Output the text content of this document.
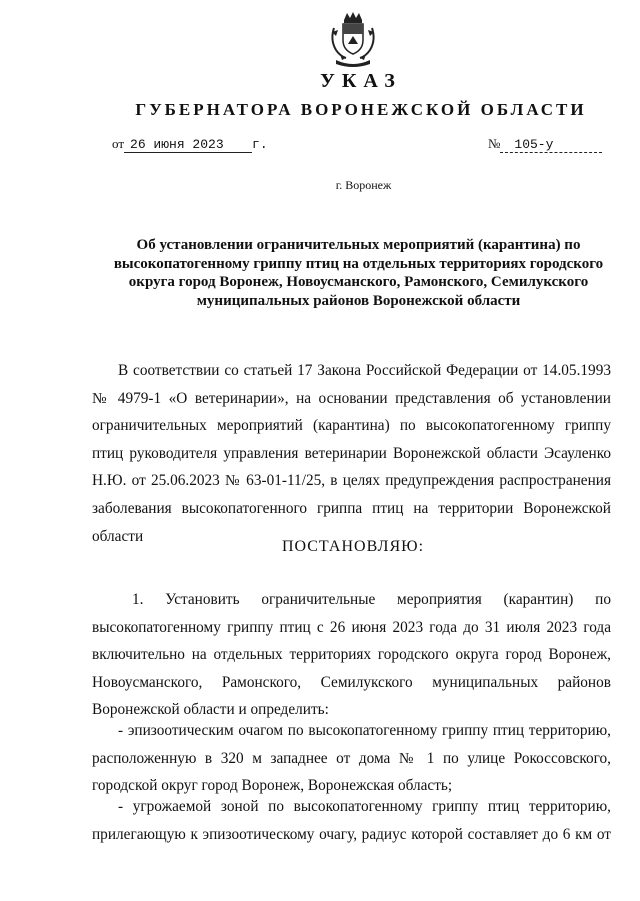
УКАЗ
ГУБЕРНАТОРА ВОРОНЕЖСКОЙ ОБЛАСТИ
от 26 июня 2023 г.	№ 105-у
г. Воронеж
Об установлении ограничительных мероприятий (карантина) по высокопатогенному гриппу птиц на отдельных территориях городского округа город Воронеж, Новоусманского, Рамонского, Семилукского муниципальных районов Воронежской области
В соответствии со статьей 17 Закона Российской Федерации от 14.05.1993 № 4979-1 «О ветеринарии», на основании представления об установлении ограничительных мероприятий (карантина) по высокопатогенному гриппу птиц руководителя управления ветеринарии Воронежской области Эсауленко Н.Ю. от 25.06.2023 № 63-01-11/25, в целях предупреждения распространения заболевания высокопатогенного гриппа птиц на территории Воронежской области
ПОСТАНОВЛЯЮ:
1. Установить ограничительные мероприятия (карантин) по высокопатогенному гриппу птиц с 26 июня 2023 года до 31 июля 2023 года включительно на отдельных территориях городского округа город Воронеж, Новоусманского, Рамонского, Семилукского муниципальных районов Воронежской области и определить:
- эпизоотическим очагом по высокопатогенному гриппу птиц территорию, расположенную в 320 м западнее от дома № 1 по улице Рокоссовского, городской округ город Воронеж, Воронежская область;
- угрожаемой зоной по высокопатогенному гриппу птиц территорию, прилегающую к эпизоотическому очагу, радиус которой составляет до 6 км от
